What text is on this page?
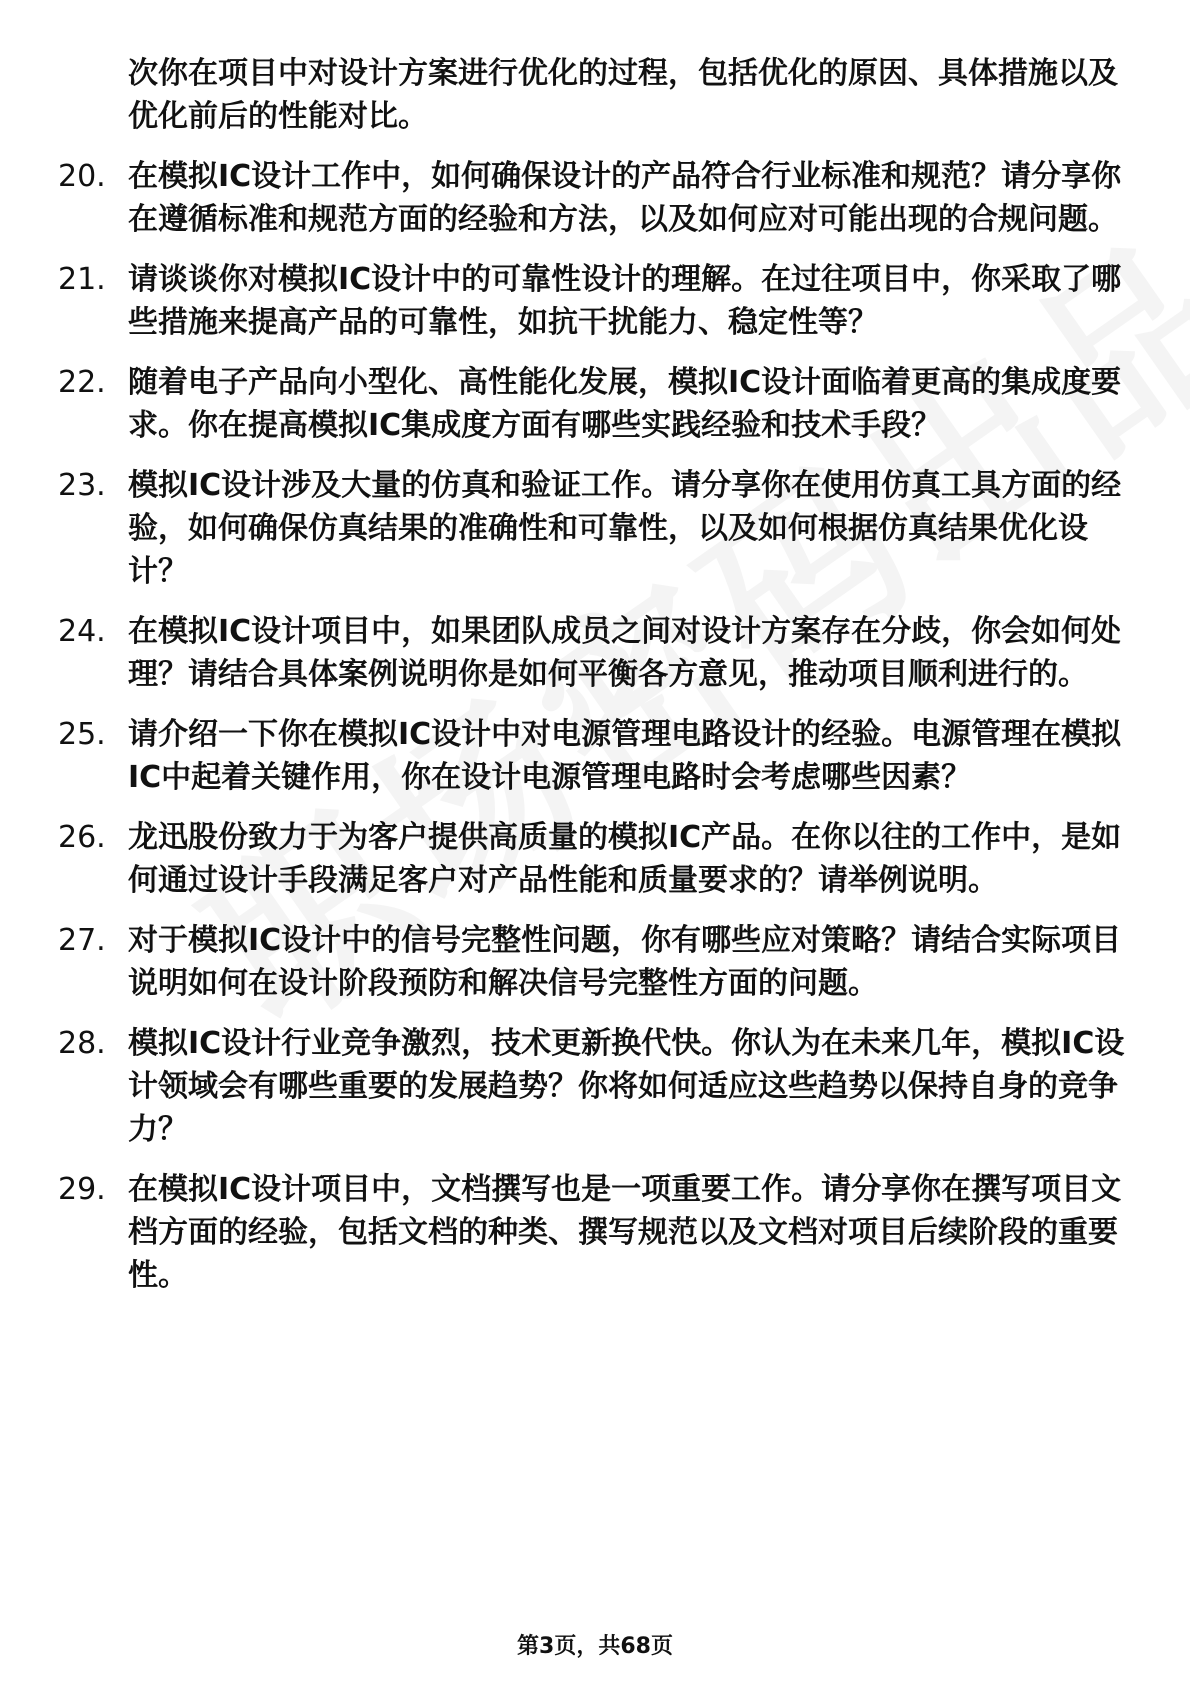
次你在项目中对设计方案进行优化的过程，包括优化的原因、具体措施以及优化前后的性能对比。

20. 在模拟IC设计工作中，如何确保设计的产品符合行业标准和规范？请分享你在遵循标准和规范方面的经验和方法，以及如何应对可能出现的合规问题。
21. 请谈谈你对模拟IC设计中的可靠性设计的理解。在过往项目中，你采取了哪些措施来提高产品的可靠性，如抗干扰能力、稳定性等？
22. 随着电子产品向小型化、高性能化发展，模拟IC设计面临着更高的集成度要求。你在提高模拟IC集成度方面有哪些实践经验和技术手段？
23. 模拟IC设计涉及大量的仿真和验证工作。请分享你在使用仿真工具方面的经验，如何确保仿真结果的准确性和可靠性，以及如何根据仿真结果优化设计？
24. 在模拟IC设计项目中，如果团队成员之间对设计方案存在分歧，你会如何处理？请结合具体案例说明你是如何平衡各方意见，推动项目顺利进行的。
25. 请介绍一下你在模拟IC设计中对电源管理电路设计的经验。电源管理在模拟IC中起着关键作用，你在设计电源管理电路时会考虑哪些因素？
26. 龙迅股份致力于为客户提供高质量的模拟IC产品。在你以往的工作中，是如何通过设计手段满足客户对产品性能和质量要求的？请举例说明。
27. 对于模拟IC设计中的信号完整性问题，你有哪些应对策略？请结合实际项目说明如何在设计阶段预防和解决信号完整性方面的问题。
28. 模拟IC设计行业竞争激烈，技术更新换代快。你认为在未来几年，模拟IC设计领域会有哪些重要的发展趋势？你将如何适应这些趋势以保持自身的竞争力？
29. 在模拟IC设计项目中，文档撰写也是一项重要工作。请分享你在撰写项目文档方面的经验，包括文档的种类、撰写规范以及文档对项目后续阶段的重要性。
第3页，共68页
